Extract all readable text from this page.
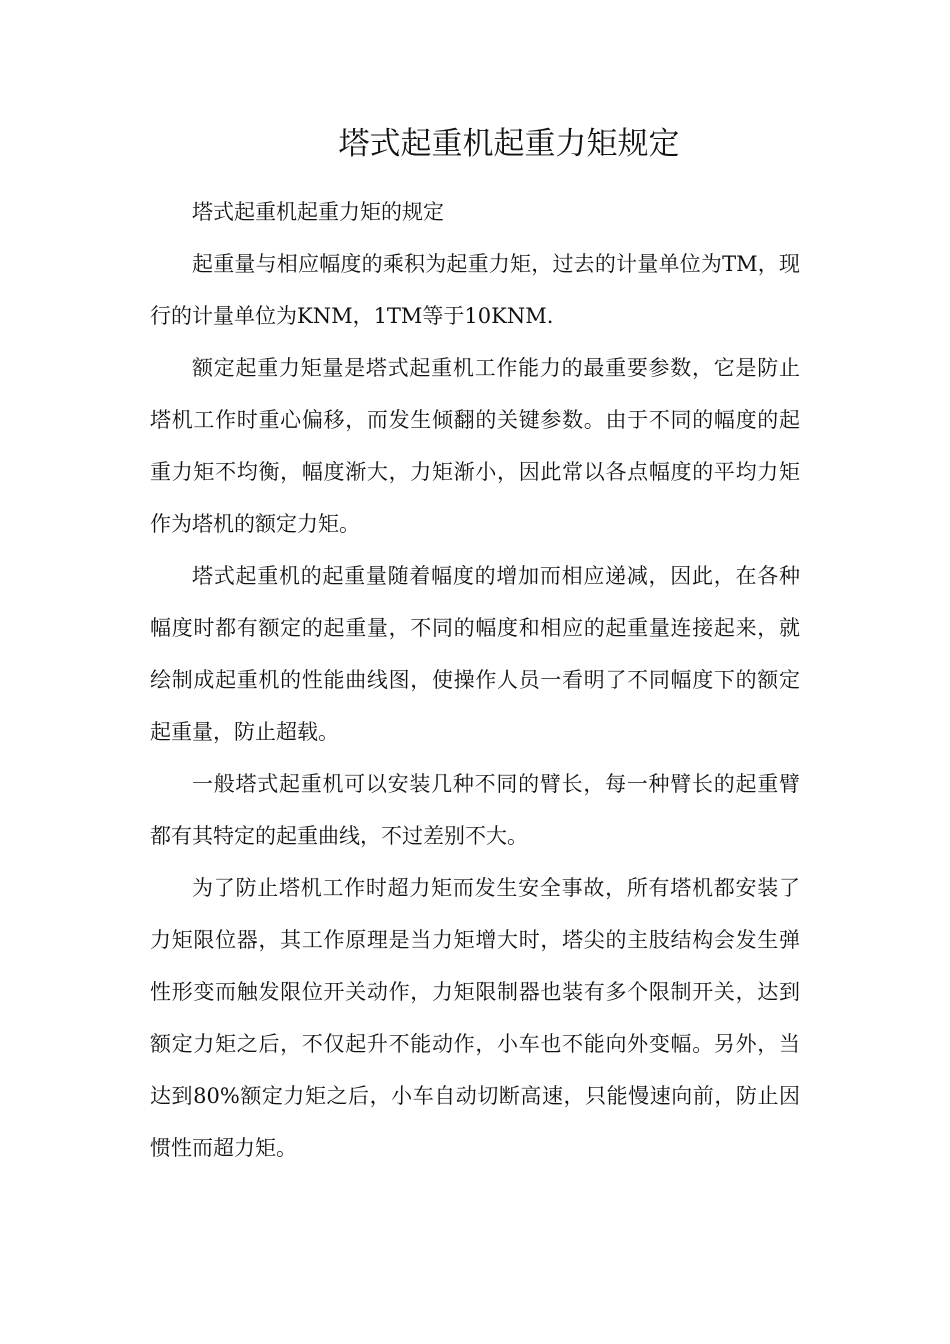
塔式起重机起重力矩规定

塔式起重机起重力矩的规定

起重量与相应幅度的乘积为起重力矩，过去的计量单位为TM，现行的计量单位为KNM，1TM等于10KNM.

额定起重力矩量是塔式起重机工作能力的最重要参数，它是防止塔机工作时重心偏移，而发生倾翻的关键参数。由于不同的幅度的起重力矩不均衡，幅度渐大，力矩渐小，因此常以各点幅度的平均力矩作为塔机的额定力矩。

塔式起重机的起重量随着幅度的增加而相应递减，因此，在各种幅度时都有额定的起重量，不同的幅度和相应的起重量连接起来，就绘制成起重机的性能曲线图，使操作人员一看明了不同幅度下的额定起重量，防止超载。

一般塔式起重机可以安装几种不同的臂长，每一种臂长的起重臂都有其特定的起重曲线，不过差别不大。

为了防止塔机工作时超力矩而发生安全事故，所有塔机都安装了力矩限位器，其工作原理是当力矩增大时，塔尖的主肢结构会发生弹性形变而触发限位开关动作，力矩限制器也装有多个限制开关，达到额定力矩之后，不仅起升不能动作，小车也不能向外变幅。另外，当达到80%额定力矩之后，小车自动切断高速，只能慢速向前，防止因惯性而超力矩。
